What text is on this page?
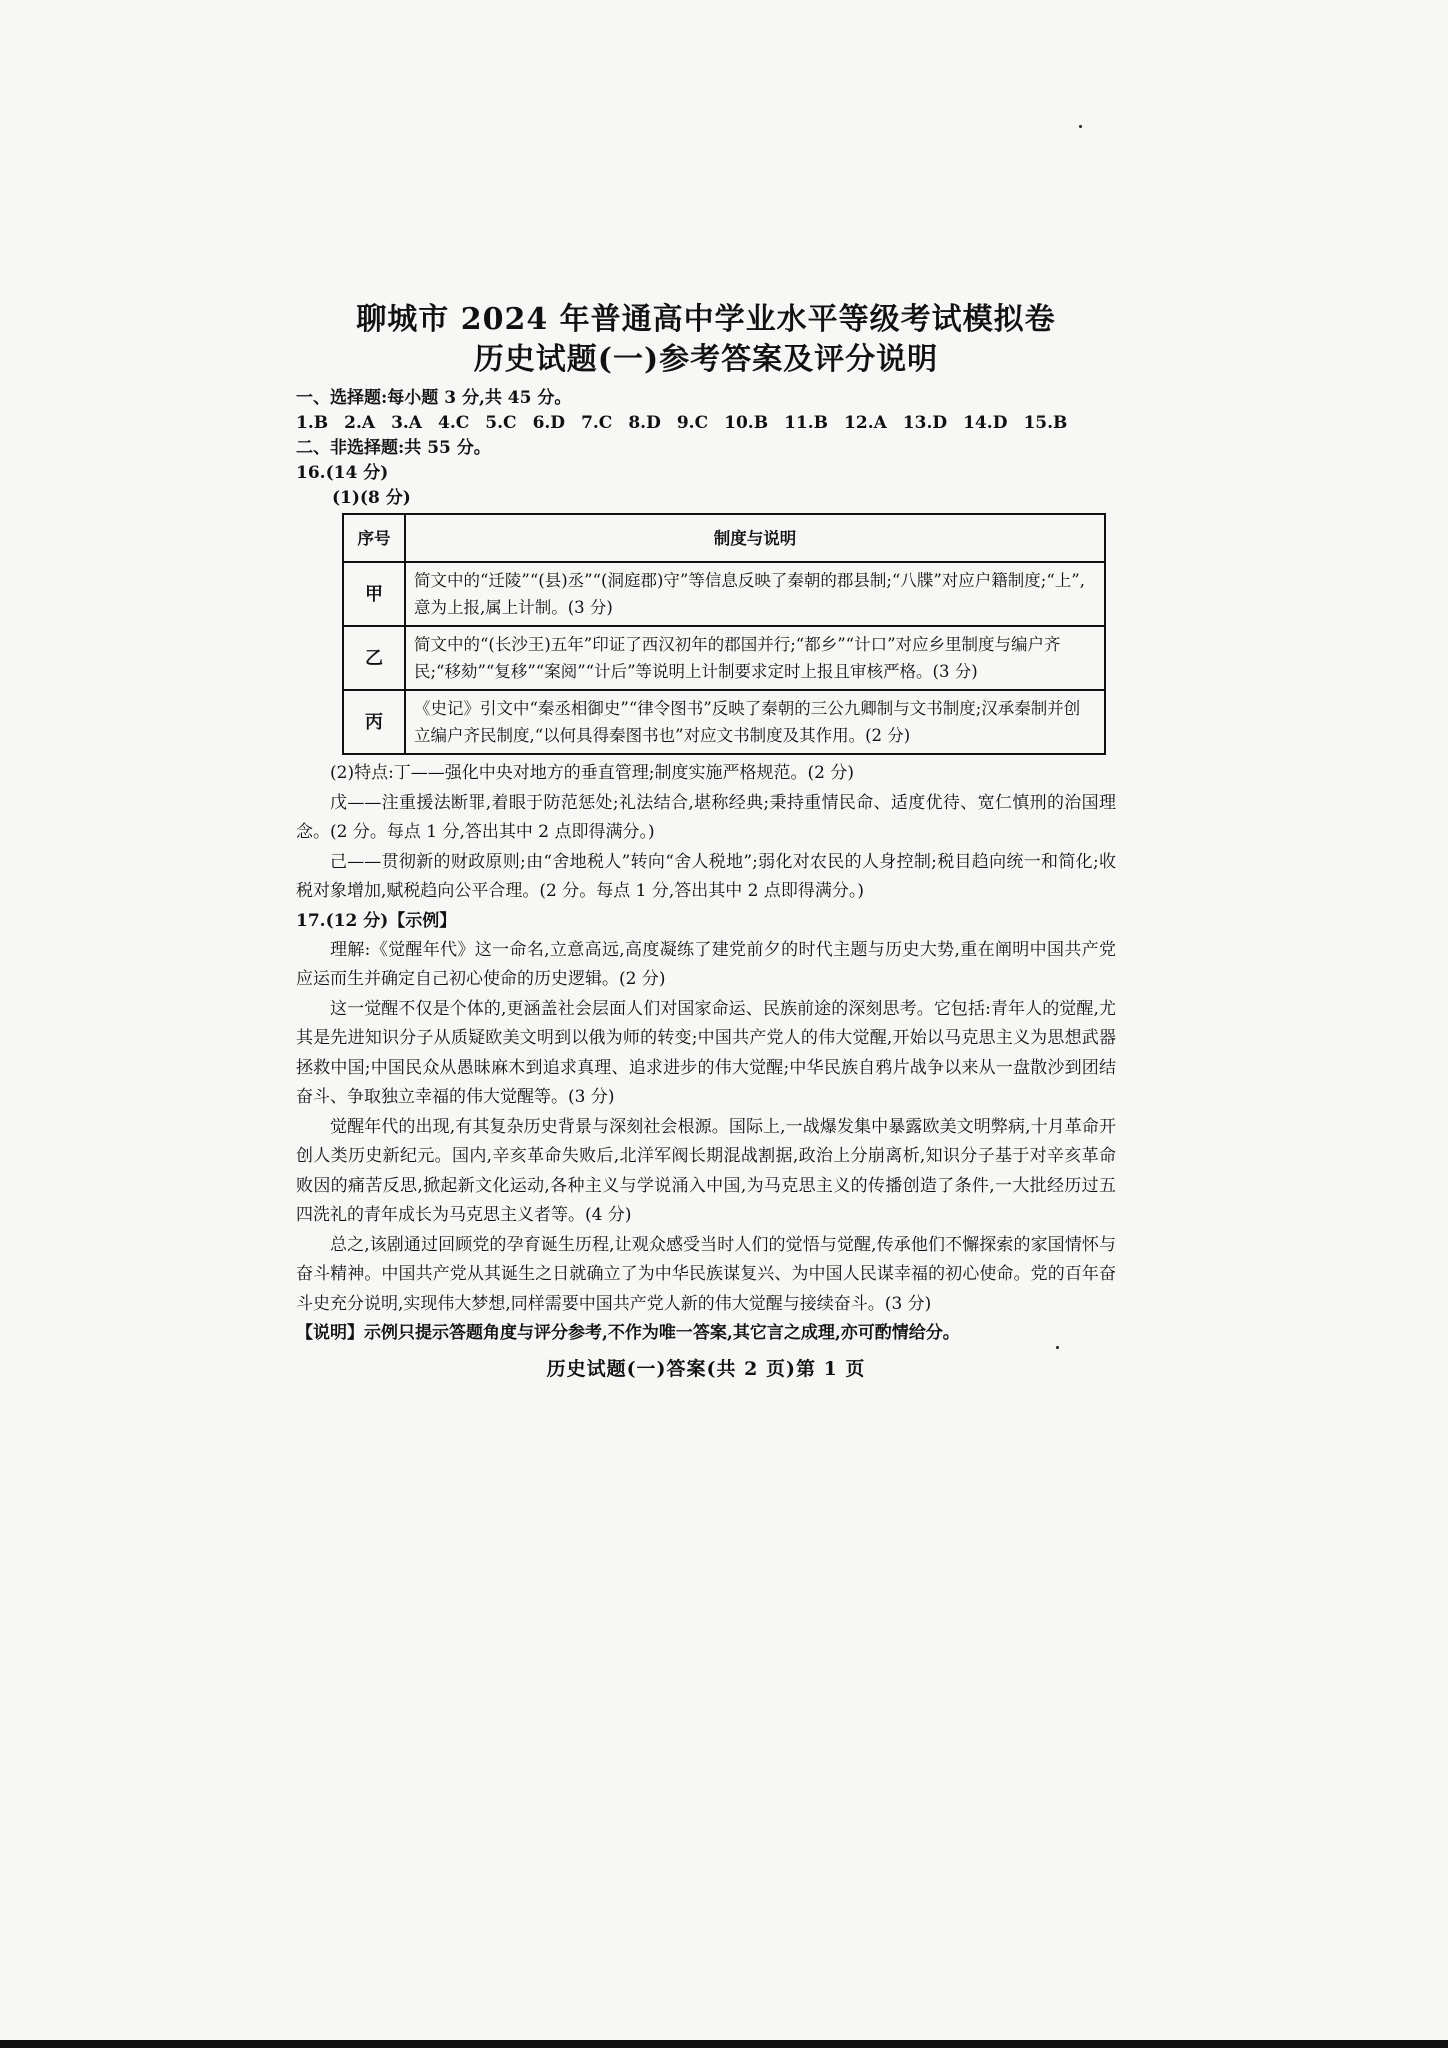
聊城市 2024 年普通高中学业水平等级考试模拟卷
历史试题(一)参考答案及评分说明
一、选择题:每小题 3 分,共 45 分。
1.B 2.A 3.A 4.C 5.C 6.D 7.C 8.D 9.C 10.B 11.B 12.A 13.D 14.D 15.B
二、非选择题:共 55 分。
16.(14 分)
(1)(8 分)
序号	制度与说明
甲	简文中的“迁陵”“(县)丞”“(洞庭郡)守”等信息反映了秦朝的郡县制;“八牒”对应户籍制度;“上”,意为上报,属上计制。(3 分)
乙	简文中的“(长沙王)五年”印证了西汉初年的郡国并行;“都乡”“计口”对应乡里制度与编户齐民;“移劾”“复移”“案阅”“计后”等说明上计制要求定时上报且审核严格。(3 分)
丙	《史记》引文中“秦丞相御史”“律令图书”反映了秦朝的三公九卿制与文书制度;汉承秦制并创立编户齐民制度,“以何具得秦图书也”对应文书制度及其作用。(2 分)
(2)特点:丁——强化中央对地方的垂直管理;制度实施严格规范。(2 分)
戊——注重援法断罪,着眼于防范惩处;礼法结合,堪称经典;秉持重情民命、适度优待、宽仁慎刑的治国理念。(2 分。每点 1 分,答出其中 2 点即得满分。)
己——贯彻新的财政原则;由“舍地税人”转向“舍人税地”;弱化对农民的人身控制;税目趋向统一和简化;收税对象增加,赋税趋向公平合理。(2 分。每点 1 分,答出其中 2 点即得满分。)
17.(12 分)【示例】
理解:《觉醒年代》这一命名,立意高远,高度凝练了建党前夕的时代主题与历史大势,重在阐明中国共产党应运而生并确定自己初心使命的历史逻辑。(2 分)
这一觉醒不仅是个体的,更涵盖社会层面人们对国家命运、民族前途的深刻思考。它包括:青年人的觉醒,尤其是先进知识分子从质疑欧美文明到以俄为师的转变;中国共产党人的伟大觉醒,开始以马克思主义为思想武器拯救中国;中国民众从愚昧麻木到追求真理、追求进步的伟大觉醒;中华民族自鸦片战争以来从一盘散沙到团结奋斗、争取独立幸福的伟大觉醒等。(3 分)
觉醒年代的出现,有其复杂历史背景与深刻社会根源。国际上,一战爆发集中暴露欧美文明弊病,十月革命开创人类历史新纪元。国内,辛亥革命失败后,北洋军阀长期混战割据,政治上分崩离析,知识分子基于对辛亥革命败因的痛苦反思,掀起新文化运动,各种主义与学说涌入中国,为马克思主义的传播创造了条件,一大批经历过五四洗礼的青年成长为马克思主义者等。(4 分)
总之,该剧通过回顾党的孕育诞生历程,让观众感受当时人们的觉悟与觉醒,传承他们不懈探索的家国情怀与奋斗精神。中国共产党从其诞生之日就确立了为中华民族谋复兴、为中国人民谋幸福的初心使命。党的百年奋斗史充分说明,实现伟大梦想,同样需要中国共产党人新的伟大觉醒与接续奋斗。(3 分)
【说明】示例只提示答题角度与评分参考,不作为唯一答案,其它言之成理,亦可酌情给分。
历史试题(一)答案(共 2 页)第 1 页
